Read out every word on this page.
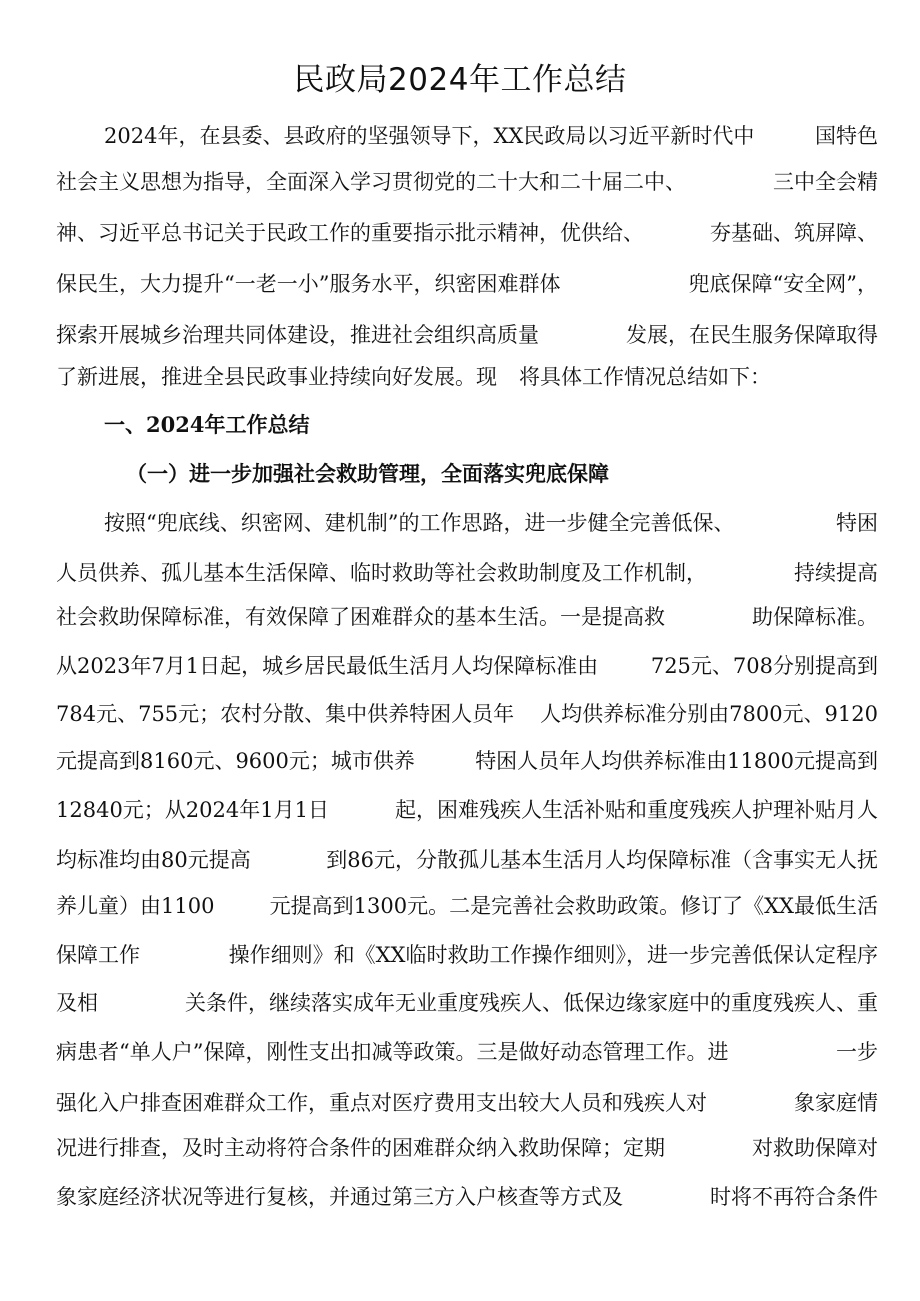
民政局2024年工作总结
2024年，在县委、县政府的坚强领导下，XX民政局以习近平新时代中	国特色
社会主义思想为指导，全面深入学习贯彻党的二十大和二十届二中、	三中全会精
神、习近平总书记关于民政工作的重要指示批示精神，优供给、	夯基础、筑屏障、
保民生，大力提升“一老一小”服务水平，织密困难群体	兜底保障“安全网”，
探索开展城乡治理共同体建设，推进社会组织高质量	发展，在民生服务保障取得
了新进展，推进全县民政事业持续向好发展。现 将具体工作情况总结如下：
一、2024年工作总结
（一）进一步加强社会救助管理，全面落实兜底保障
按照“兜底线、织密网、建机制”的工作思路，进一步健全完善低保、	特困
人员供养、孤儿基本生活保障、临时救助等社会救助制度及工作机制，	持续提高
社会救助保障标准，有效保障了困难群众的基本生活。一是提高救	助保障标准。
从2023年7月1日起，城乡居民最低生活月人均保障标准由	725元、708分别提高到
784元、755元；农村分散、集中供养特困人员年 人均供养标准分别由7800元、9120
元提高到8160元、9600元；城市供养	特困人员年人均供养标准由11800元提高到
12840元；从2024年1月1日	起，困难残疾人生活补贴和重度残疾人护理补贴月人
均标准均由80元提高	到86元，分散孤儿基本生活月人均保障标准（含事实无人抚
养儿童）由1100	元提高到1300元。二是完善社会救助政策。修订了《XX最低生活
保障工作	操作细则》和《XX临时救助工作操作细则》，进一步完善低保认定程序
及相	关条件，继续落实成年无业重度残疾人、低保边缘家庭中的重度残疾人、重
病患者“单人户”保障，刚性支出扣减等政策。三是做好动态管理工作。进	一步
强化入户排查困难群众工作，重点对医疗费用支出较大人员和残疾人对	象家庭情
况进行排查，及时主动将符合条件的困难群众纳入救助保障；定期	对救助保障对
象家庭经济状况等进行复核，并通过第三方入户核查等方式及	时将不再符合条件
